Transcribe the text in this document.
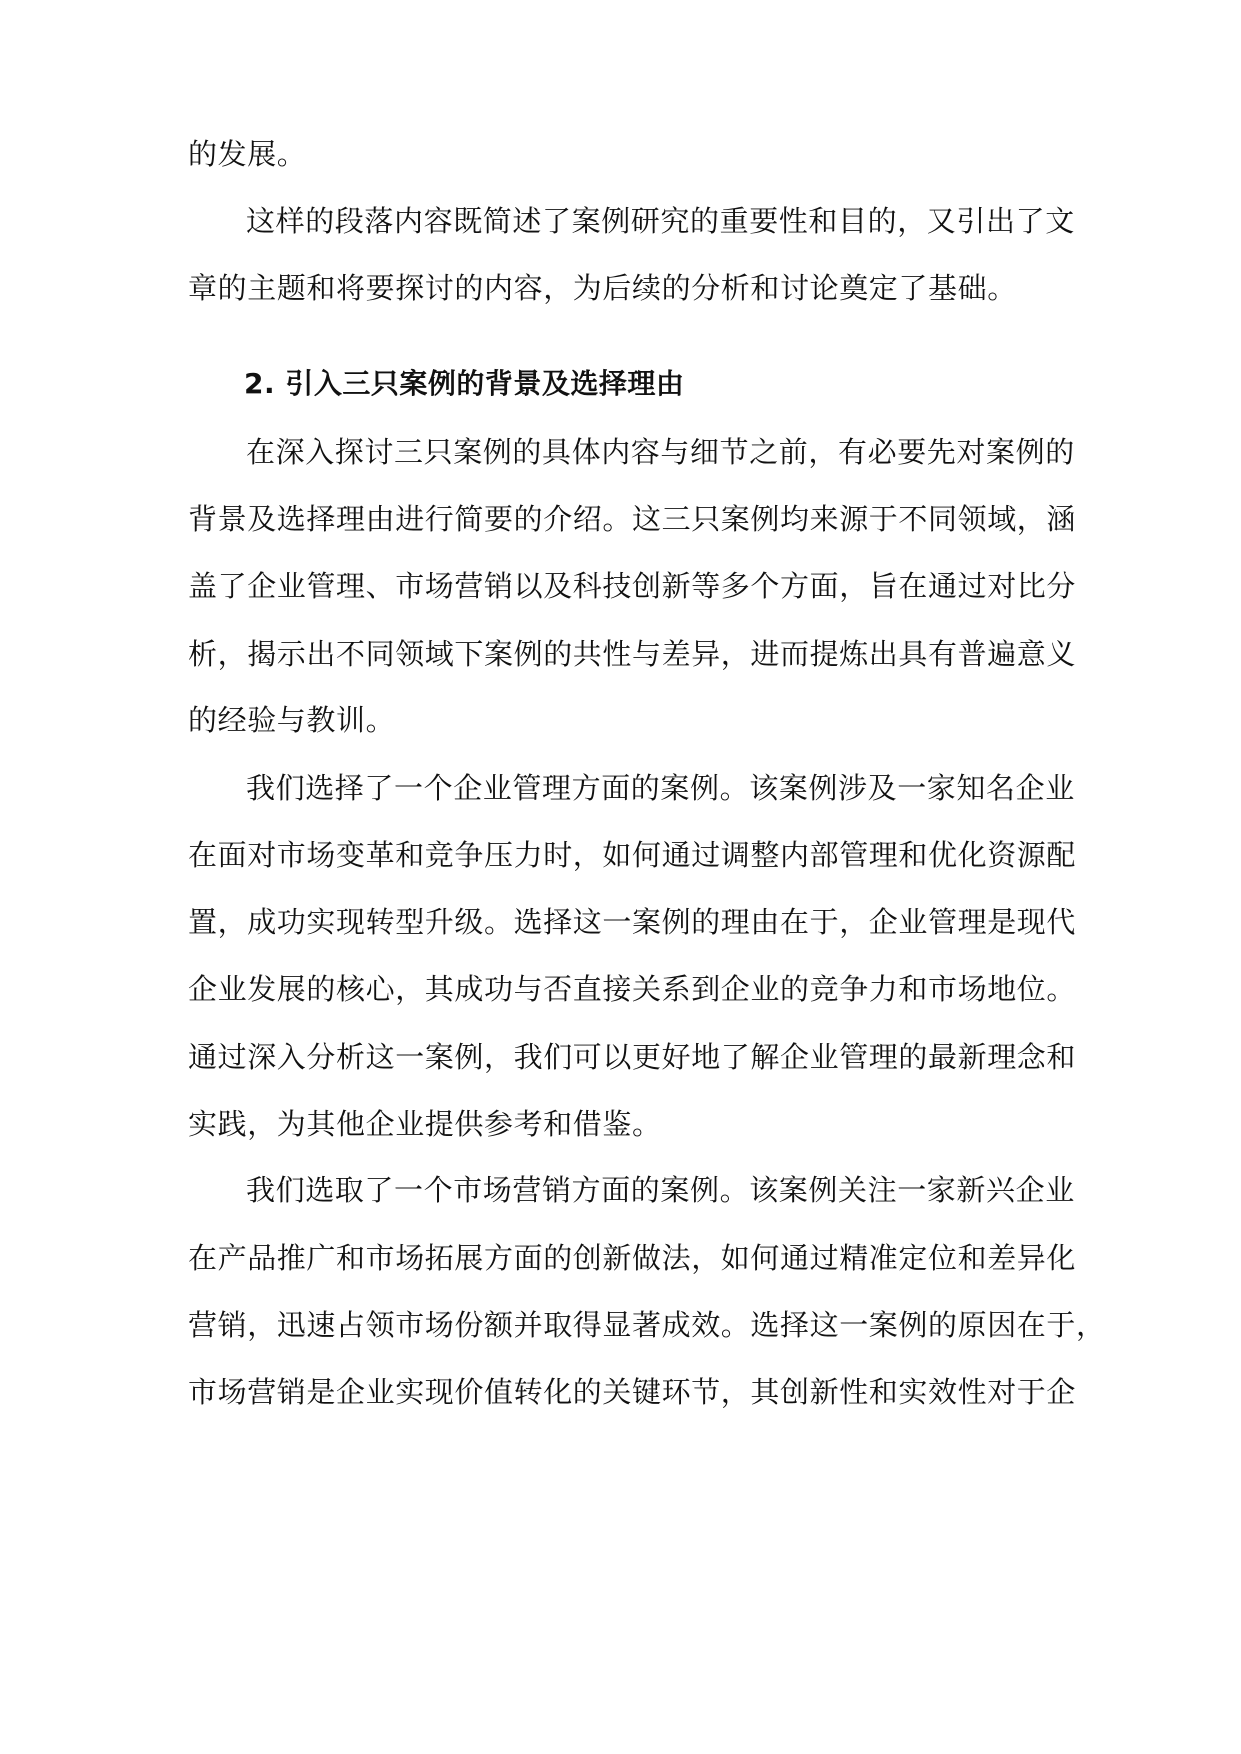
的发展。
这样的段落内容既简述了案例研究的重要性和目的，又引出了文
章的主题和将要探讨的内容，为后续的分析和讨论奠定了基础。
2. 引入三只案例的背景及选择理由
在深入探讨三只案例的具体内容与细节之前，有必要先对案例的
背景及选择理由进行简要的介绍。这三只案例均来源于不同领域，涵
盖了企业管理、市场营销以及科技创新等多个方面，旨在通过对比分
析，揭示出不同领域下案例的共性与差异，进而提炼出具有普遍意义
的经验与教训。
我们选择了一个企业管理方面的案例。该案例涉及一家知名企业
在面对市场变革和竞争压力时，如何通过调整内部管理和优化资源配
置，成功实现转型升级。选择这一案例的理由在于，企业管理是现代
企业发展的核心，其成功与否直接关系到企业的竞争力和市场地位。
通过深入分析这一案例，我们可以更好地了解企业管理的最新理念和
实践，为其他企业提供参考和借鉴。
我们选取了一个市场营销方面的案例。该案例关注一家新兴企业
在产品推广和市场拓展方面的创新做法，如何通过精准定位和差异化
营销，迅速占领市场份额并取得显著成效。选择这一案例的原因在于，
市场营销是企业实现价值转化的关键环节，其创新性和实效性对于企
